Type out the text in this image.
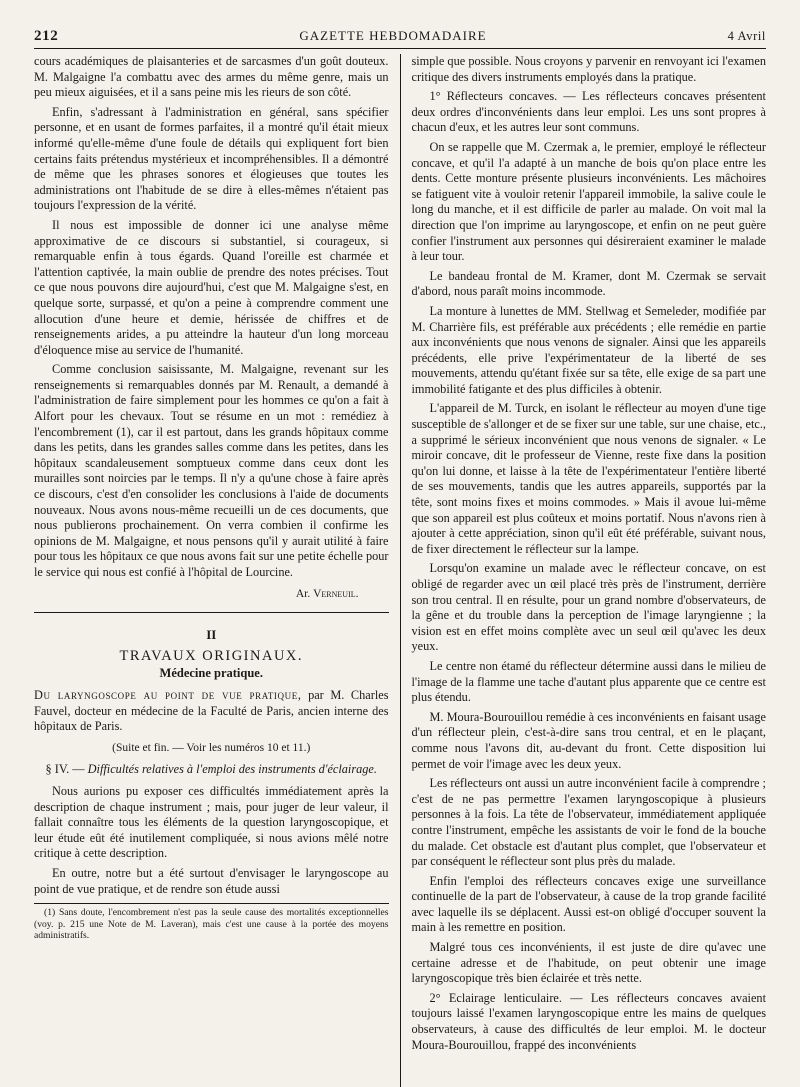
212	GAZETTE HEBDOMADAIRE	4 Avril

cours académiques de plaisanteries et de sarcasmes d'un goût douteux. M. Malgaigne l'a combattu avec des armes du même genre, mais un peu mieux aiguisées, et il a sans peine mis les rieurs de son côté.

Enfin, s'adressant à l'administration en général, sans spécifier personne, et en usant de formes parfaites, il a montré qu'il était mieux informé qu'elle-même d'une foule de détails qui expliquent fort bien certains faits prétendus mystérieux et incompréhensibles. Il a démontré de même que les phrases sonores et élogieuses que toutes les administrations ont l'habitude de se dire à elles-mêmes n'étaient pas toujours l'expression de la vérité.

Il nous est impossible de donner ici une analyse même approximative de ce discours si substantiel, si courageux, si remarquable enfin à tous égards. Quand l'oreille est charmée et l'attention captivée, la main oublie de prendre des notes précises. Tout ce que nous pouvons dire aujourd'hui, c'est que M. Malgaigne s'est, en quelque sorte, surpassé, et qu'on a peine à comprendre comment une allocution d'une heure et demie, hérissée de chiffres et de renseignements arides, a pu atteindre la hauteur d'un long morceau d'éloquence mise au service de l'humanité.

Comme conclusion saisissante, M. Malgaigne, revenant sur les renseignements si remarquables donnés par M. Renault, a demandé à l'administration de faire simplement pour les hommes ce qu'on a fait à Alfort pour les chevaux. Tout se résume en un mot : remédiez à l'encombrement (1), car il est partout, dans les grands hôpitaux comme dans les petits, dans les grandes salles comme dans les petites, dans les hôpitaux scandaleusement somptueux comme dans ceux dont les murailles sont noircies par le temps. Il n'y a qu'une chose à faire après ce discours, c'est d'en consolider les conclusions à l'aide de documents nouveaux. Nous avons nous-même recueilli un de ces documents, que nous publierons prochainement. On verra combien il confirme les opinions de M. Malgaigne, et nous pensons qu'il y aurait utilité à faire pour tous les hôpitaux ce que nous avons fait sur une petite échelle pour le service qui nous est confié à l'hôpital de Lourcine.

Ar. Verneuil.
II
TRAVAUX ORIGINAUX.
Médecine pratique.

Du laryngoscope au point de vue pratique, par M. Charles Fauvel, docteur en médecine de la Faculté de Paris, ancien interne des hôpitaux de Paris.

(Suite et fin. — Voir les numéros 10 et 11.)
§ IV. — Difficultés relatives à l'emploi des instruments d'éclairage.

Nous aurions pu exposer ces difficultés immédiatement après la description de chaque instrument ; mais, pour juger de leur valeur, il fallait connaître tous les éléments de la question laryngoscopique, et leur étude eût été inutilement compliquée, si nous avions mêlé notre critique à cette description.

En outre, notre but a été surtout d'envisager le laryngoscope au point de vue pratique, et de rendre son étude aussi

(1) Sans doute, l'encombrement n'est pas la seule cause des mortalités exceptionnelles (voy. p. 215 une Note de M. Laveran), mais c'est une cause à la portée des moyens administratifs.

simple que possible. Nous croyons y parvenir en renvoyant ici l'examen critique des divers instruments employés dans la pratique.

1° Réflecteurs concaves. — Les réflecteurs concaves présentent deux ordres d'inconvénients dans leur emploi. Les uns sont propres à chacun d'eux, et les autres leur sont communs.

On se rappelle que M. Czermak a, le premier, employé le réflecteur concave, et qu'il l'a adapté à un manche de bois qu'on place entre les dents. Cette monture présente plusieurs inconvénients. Les mâchoires se fatiguent vite à vouloir retenir l'appareil immobile, la salive coule le long du manche, et il est difficile de parler au malade. On voit mal la direction que l'on imprime au laryngoscope, et enfin on ne peut guère confier l'instrument aux personnes qui désireraient examiner le malade à leur tour.

Le bandeau frontal de M. Kramer, dont M. Czermak se servait d'abord, nous paraît moins incommode.

La monture à lunettes de MM. Stellwag et Semeleder, modifiée par M. Charrière fils, est préférable aux précédents ; elle remédie en partie aux inconvénients que nous venons de signaler. Ainsi que les appareils précédents, elle prive l'expérimentateur de la liberté de ses mouvements, attendu qu'étant fixée sur sa tête, elle exige de sa part une immobilité fatigante et des plus difficiles à obtenir.

L'appareil de M. Turck, en isolant le réflecteur au moyen d'une tige susceptible de s'allonger et de se fixer sur une table, sur une chaise, etc., a supprimé le sérieux inconvénient que nous venons de signaler. « Le miroir concave, dit le professeur de Vienne, reste fixe dans la position qu'on lui donne, et laisse à la tête de l'expérimentateur l'entière liberté de ses mouvements, tandis que les autres appareils, supportés par la tête, sont moins fixes et moins commodes. » Mais il avoue lui-même que son appareil est plus coûteux et moins portatif. Nous n'avons rien à ajouter à cette appréciation, sinon qu'il eût été préférable, suivant nous, de fixer directement le réflecteur sur la lampe.

Lorsqu'on examine un malade avec le réflecteur concave, on est obligé de regarder avec un œil placé très près de l'instrument, derrière son trou central. Il en résulte, pour un grand nombre d'observateurs, de la gêne et du trouble dans la perception de l'image laryngienne ; la vision est en effet moins complète avec un seul œil qu'avec les deux yeux.

Le centre non étamé du réflecteur détermine aussi dans le milieu de l'image de la flamme une tache d'autant plus apparente que ce centre est plus étendu.

M. Moura-Bourouillou remédie à ces inconvénients en faisant usage d'un réflecteur plein, c'est-à-dire sans trou central, et en le plaçant, comme nous l'avons dit, au-devant du front. Cette disposition lui permet de voir l'image avec les deux yeux.

Les réflecteurs ont aussi un autre inconvénient facile à comprendre ; c'est de ne pas permettre l'examen laryngoscopique à plusieurs personnes à la fois. La tête de l'observateur, immédiatement appliquée contre l'instrument, empêche les assistants de voir le fond de la bouche du malade. Cet obstacle est d'autant plus complet, que l'observateur et par conséquent le réflecteur sont plus près du malade.

Enfin l'emploi des réflecteurs concaves exige une surveillance continuelle de la part de l'observateur, à cause de la trop grande facilité avec laquelle ils se déplacent. Aussi est-on obligé d'occuper souvent la main à les remettre en position.

Malgré tous ces inconvénients, il est juste de dire qu'avec une certaine adresse et de l'habitude, on peut obtenir une image laryngoscopique très bien éclairée et très nette.

2° Eclairage lenticulaire. — Les réflecteurs concaves avaient toujours laissé l'examen laryngoscopique entre les mains de quelques observateurs, à cause des difficultés de leur emploi. M. le docteur Moura-Bourouillou, frappé des inconvénients
